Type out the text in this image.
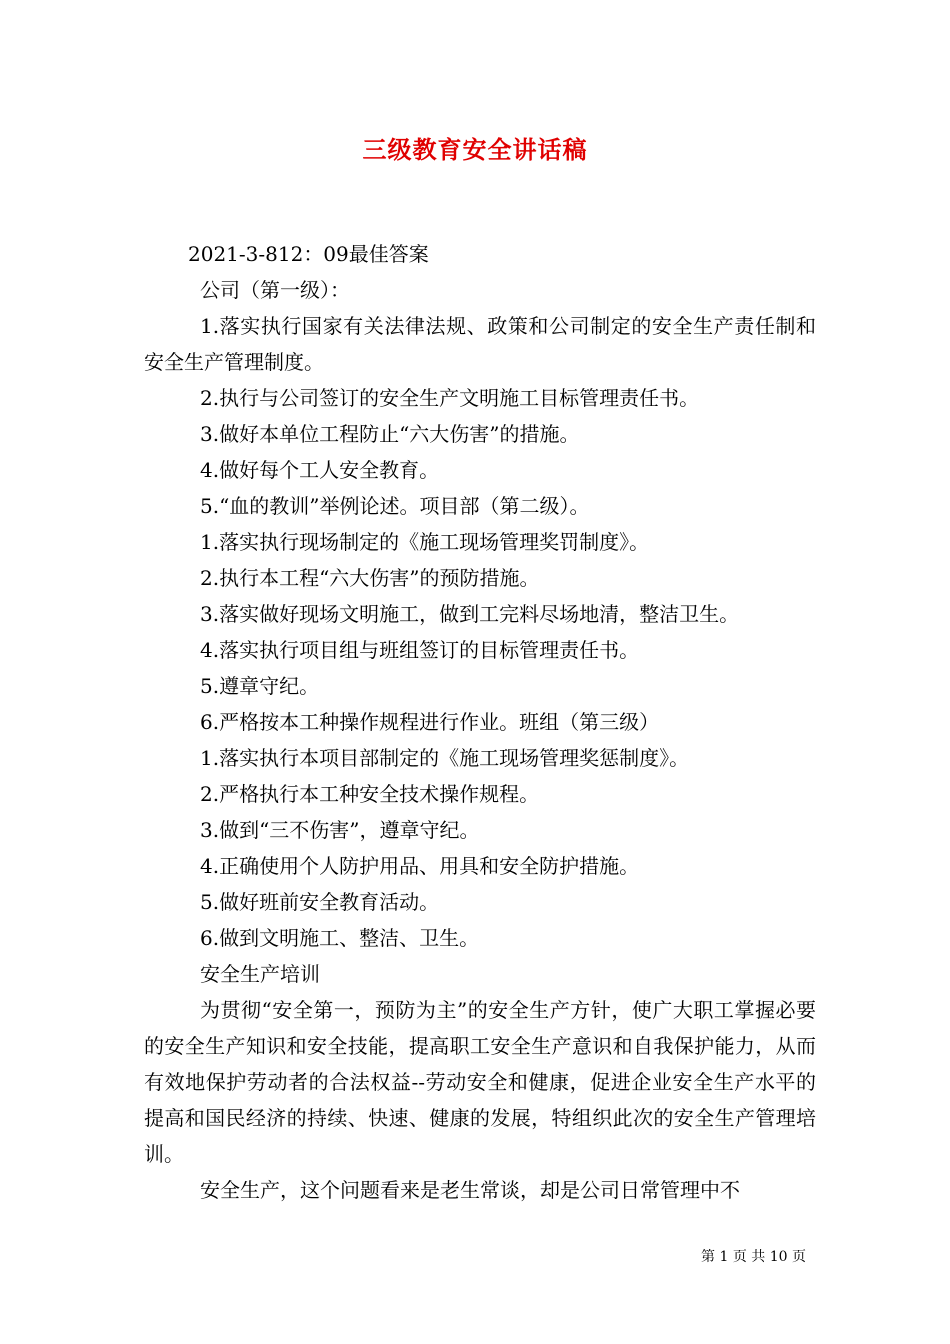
三级教育安全讲话稿

2021-3-812：09最佳答案

公司（第一级）：

1.落实执行国家有关法律法规、政策和公司制定的安全生产责任制和安全生产管理制度。

2.执行与公司签订的安全生产文明施工目标管理责任书。

3.做好本单位工程防止“六大伤害”的措施。

4.做好每个工人安全教育。

5.“血的教训”举例论述。项目部（第二级）。

1.落实执行现场制定的《施工现场管理奖罚制度》。

2.执行本工程“六大伤害”的预防措施。

3.落实做好现场文明施工，做到工完料尽场地清，整洁卫生。

4.落实执行项目组与班组签订的目标管理责任书。

5.遵章守纪。

6.严格按本工种操作规程进行作业。班组（第三级）

1.落实执行本项目部制定的《施工现场管理奖惩制度》。

2.严格执行本工种安全技术操作规程。

3.做到“三不伤害”，遵章守纪。

4.正确使用个人防护用品、用具和安全防护措施。

5.做好班前安全教育活动。

6.做到文明施工、整洁、卫生。

安全生产培训

为贯彻“安全第一，预防为主”的安全生产方针，使广大职工掌握必要的安全生产知识和安全技能，提高职工安全生产意识和自我保护能力，从而有效地保护劳动者的合法权益--劳动安全和健康，促进企业安全生产水平的提高和国民经济的持续、快速、健康的发展，特组织此次的安全生产管理培训。

安全生产，这个问题看来是老生常谈，却是公司日常管理中不

第 1 页 共 10 页
